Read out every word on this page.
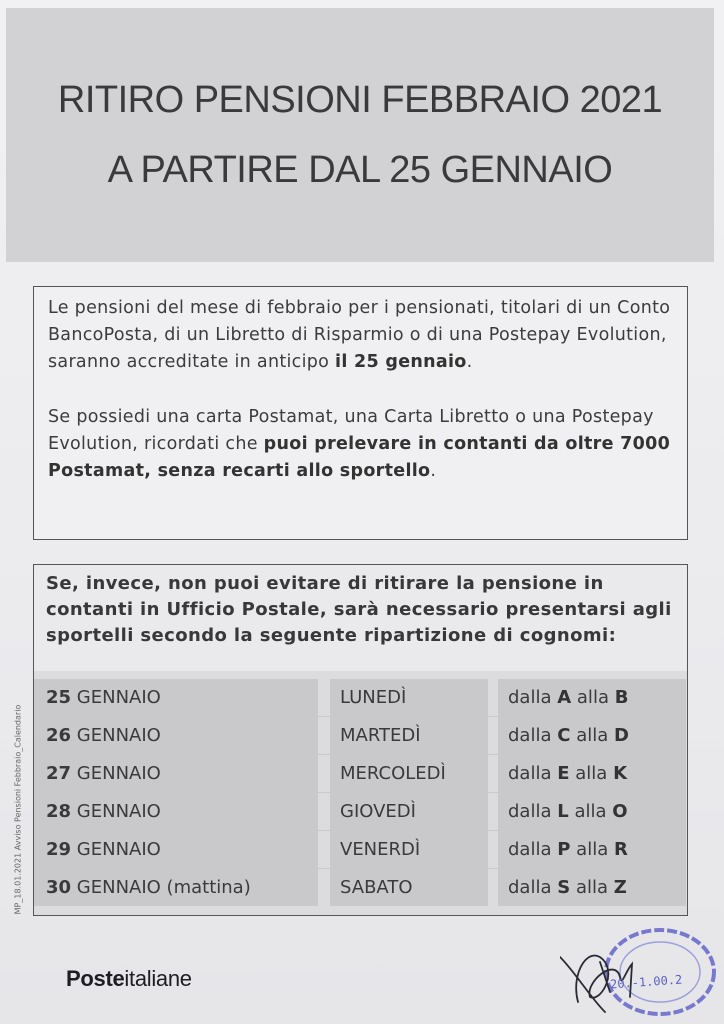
RITIRO PENSIONI FEBBRAIO 2021
A PARTIRE DAL 25 GENNAIO

Le pensioni del mese di febbraio per i pensionati, titolari di un Conto BancoPosta, di un Libretto di Risparmio o di una Postepay Evolution, saranno accreditate in anticipo il 25 gennaio.

Se possiedi una carta Postamat, una Carta Libretto o una Postepay Evolution, ricordati che puoi prelevare in contanti da oltre 7000 Postamat, senza recarti allo sportello.

Se, invece, non puoi evitare di ritirare la pensione in contanti in Ufficio Postale, sarà necessario presentarsi agli sportelli secondo la seguente ripartizione di cognomi:
25 GENNAIO	LUNEDÌ	dalla A alla B
26 GENNAIO	MARTEDÌ	dalla C alla D
27 GENNAIO	MERCOLEDÌ	dalla E alla K
28 GENNAIO	GIOVEDÌ	dalla L alla O
29 GENNAIO	VENERDÌ	dalla P alla R
30 GENNAIO (mattina)	SABATO	dalla S alla Z
MP_18.01.2021 Avviso Pensioni Febbraio_Calendario
Posteitaliane	20.-1.00.2
